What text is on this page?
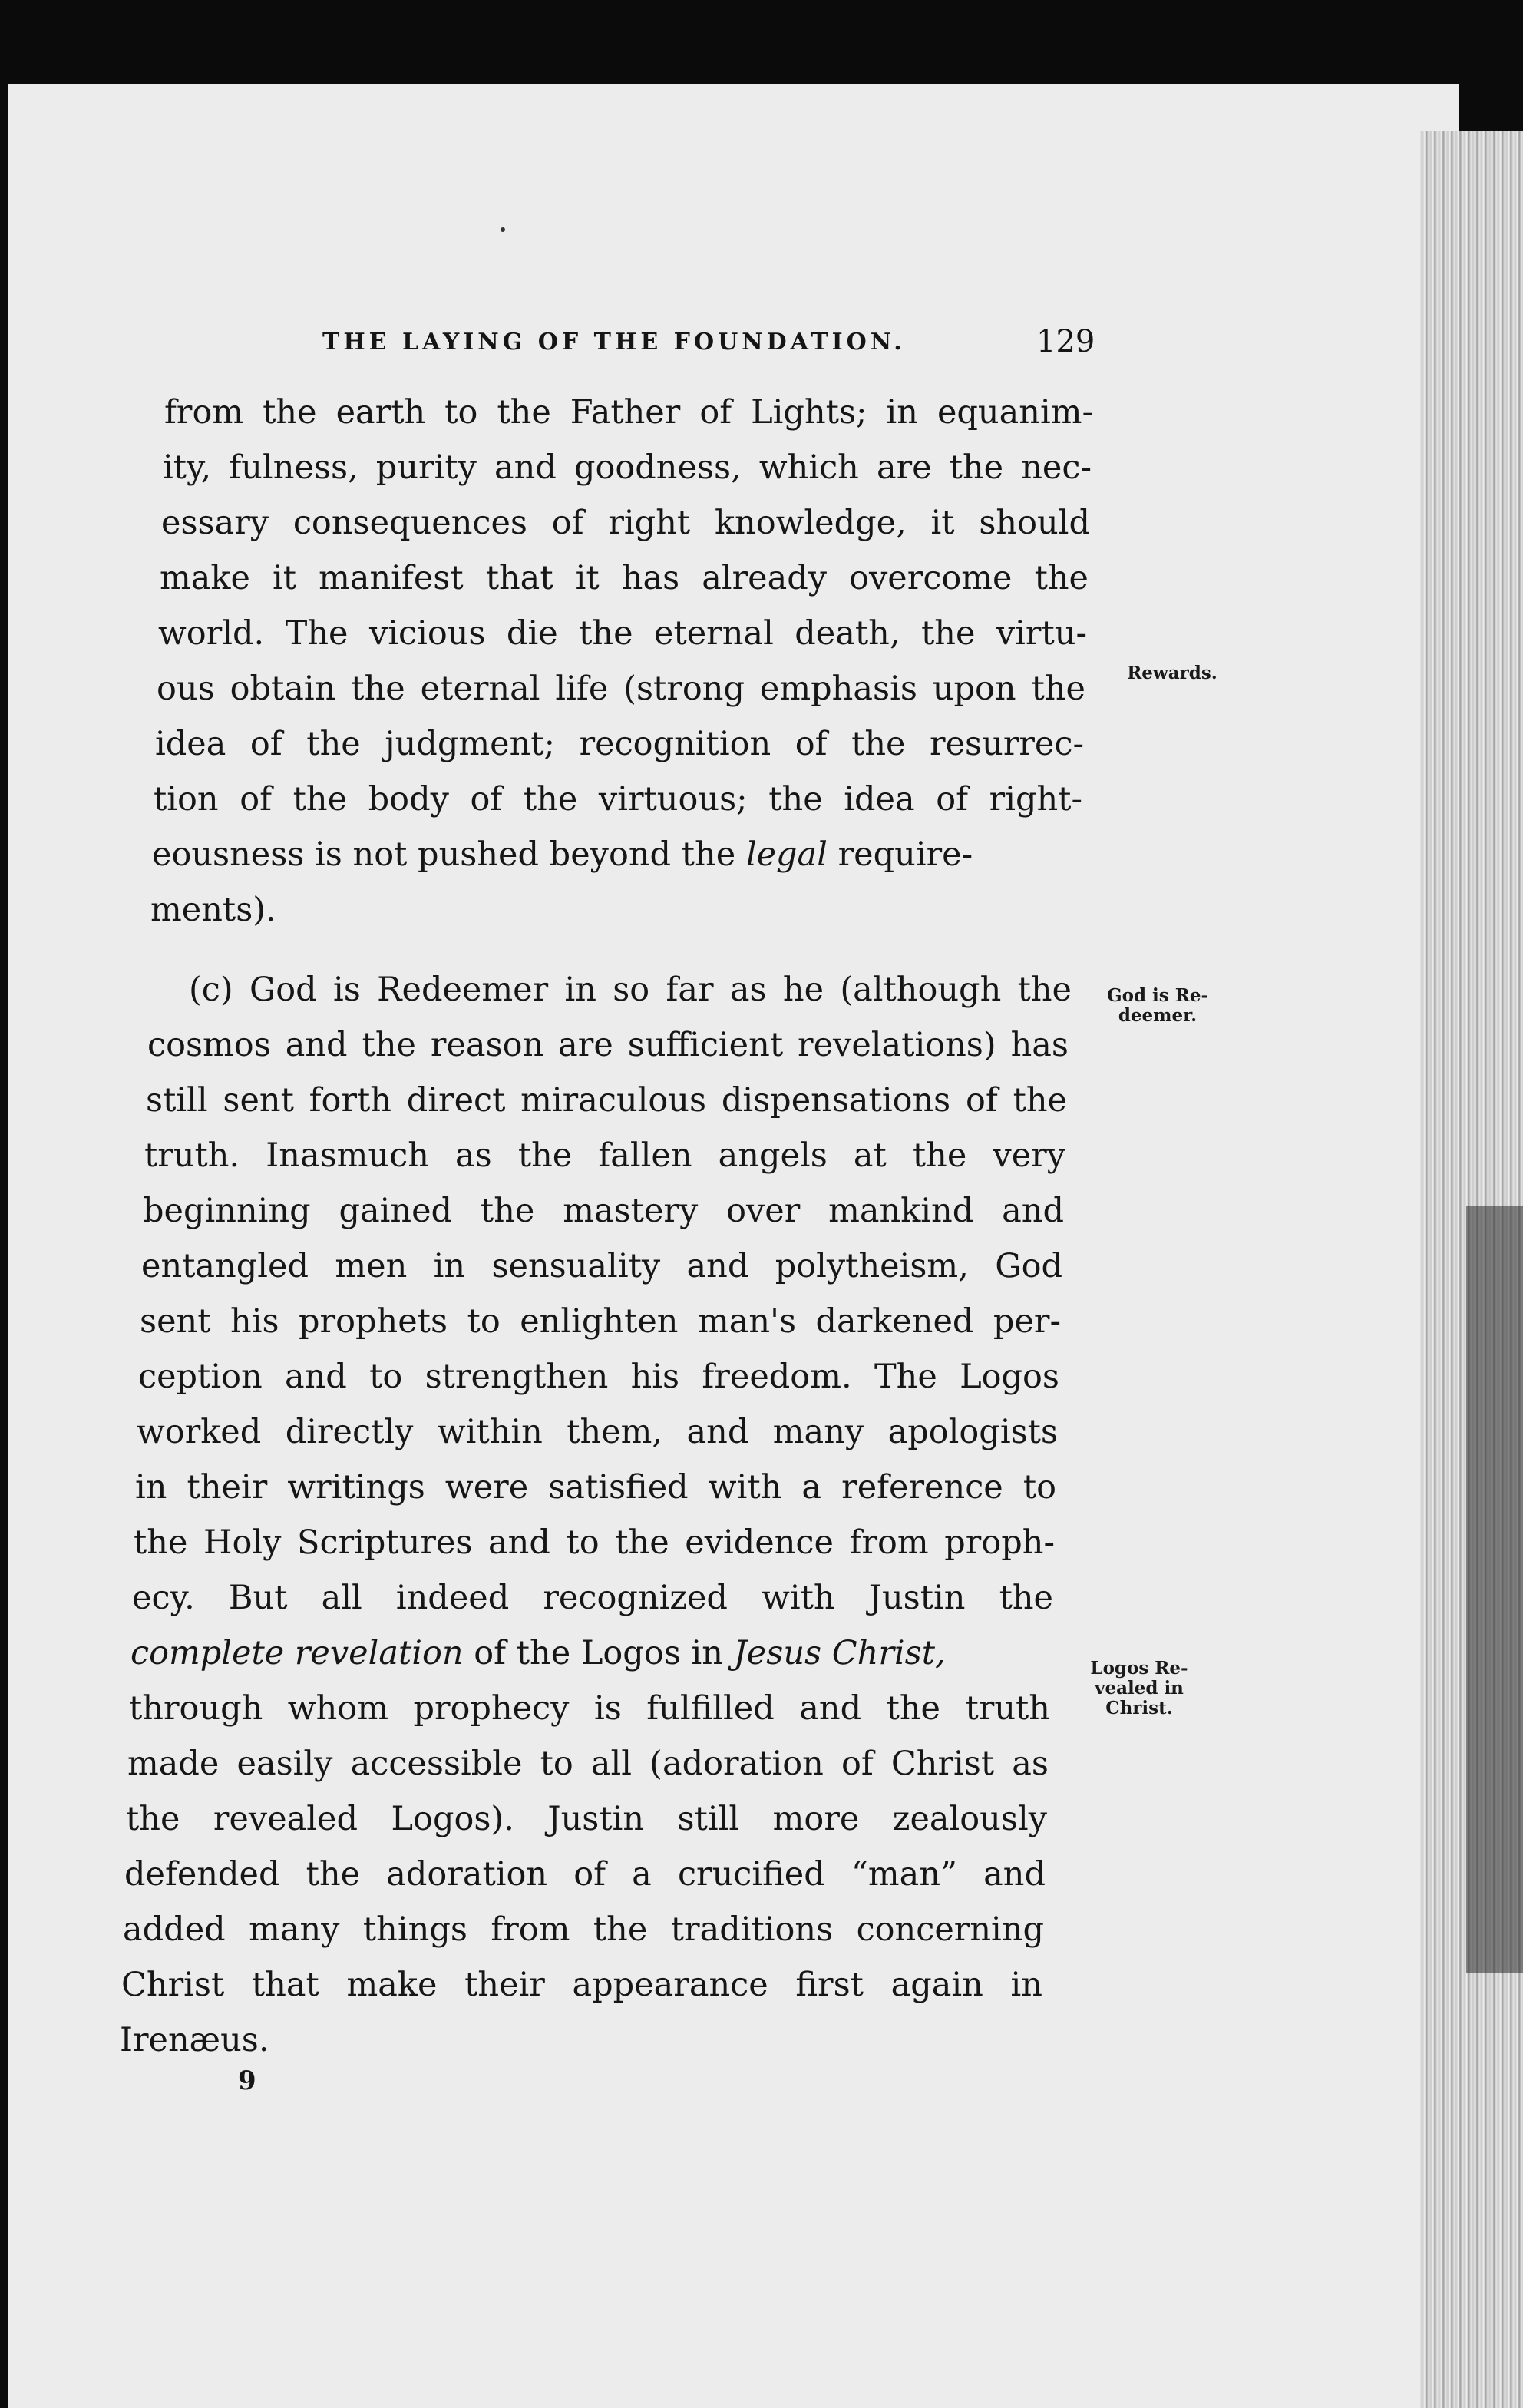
THE LAYING OF THE FOUNDATION.	129
from the earth to the Father of Lights; in equanim-
ity, fulness, purity and goodness, which are the nec-
essary consequences of right knowledge, it should
make it manifest that it has already overcome the
world. The vicious die the eternal death, the virtu-
ous obtain the eternal life (strong emphasis upon the
idea of the judgment; recognition of the resurrec-
tion of the body of the virtuous; the idea of right-
eousness is not pushed beyond the legal require-
ments).
(c) God is Redeemer in so far as he (although the
cosmos and the reason are sufficient revelations) has
still sent forth direct miraculous dispensations of the
truth. Inasmuch as the fallen angels at the very
beginning gained the mastery over mankind and
entangled men in sensuality and polytheism, God
sent his prophets to enlighten man's darkened per-
ception and to strengthen his freedom. The Logos
worked directly within them, and many apologists
in their writings were satisfied with a reference to
the Holy Scriptures and to the evidence from proph-
ecy. But all indeed recognized with Justin the
complete revelation of the Logos in Jesus Christ,
through whom prophecy is fulfilled and the truth
made easily accessible to all (adoration of Christ as
the revealed Logos). Justin still more zealously
defended the adoration of a crucified “man” and
added many things from the traditions concerning
Christ that make their appearance first again in
Irenæus.
Rewards.
God is Re-
deemer.
Logos Re-
vealed in
Christ.
9
